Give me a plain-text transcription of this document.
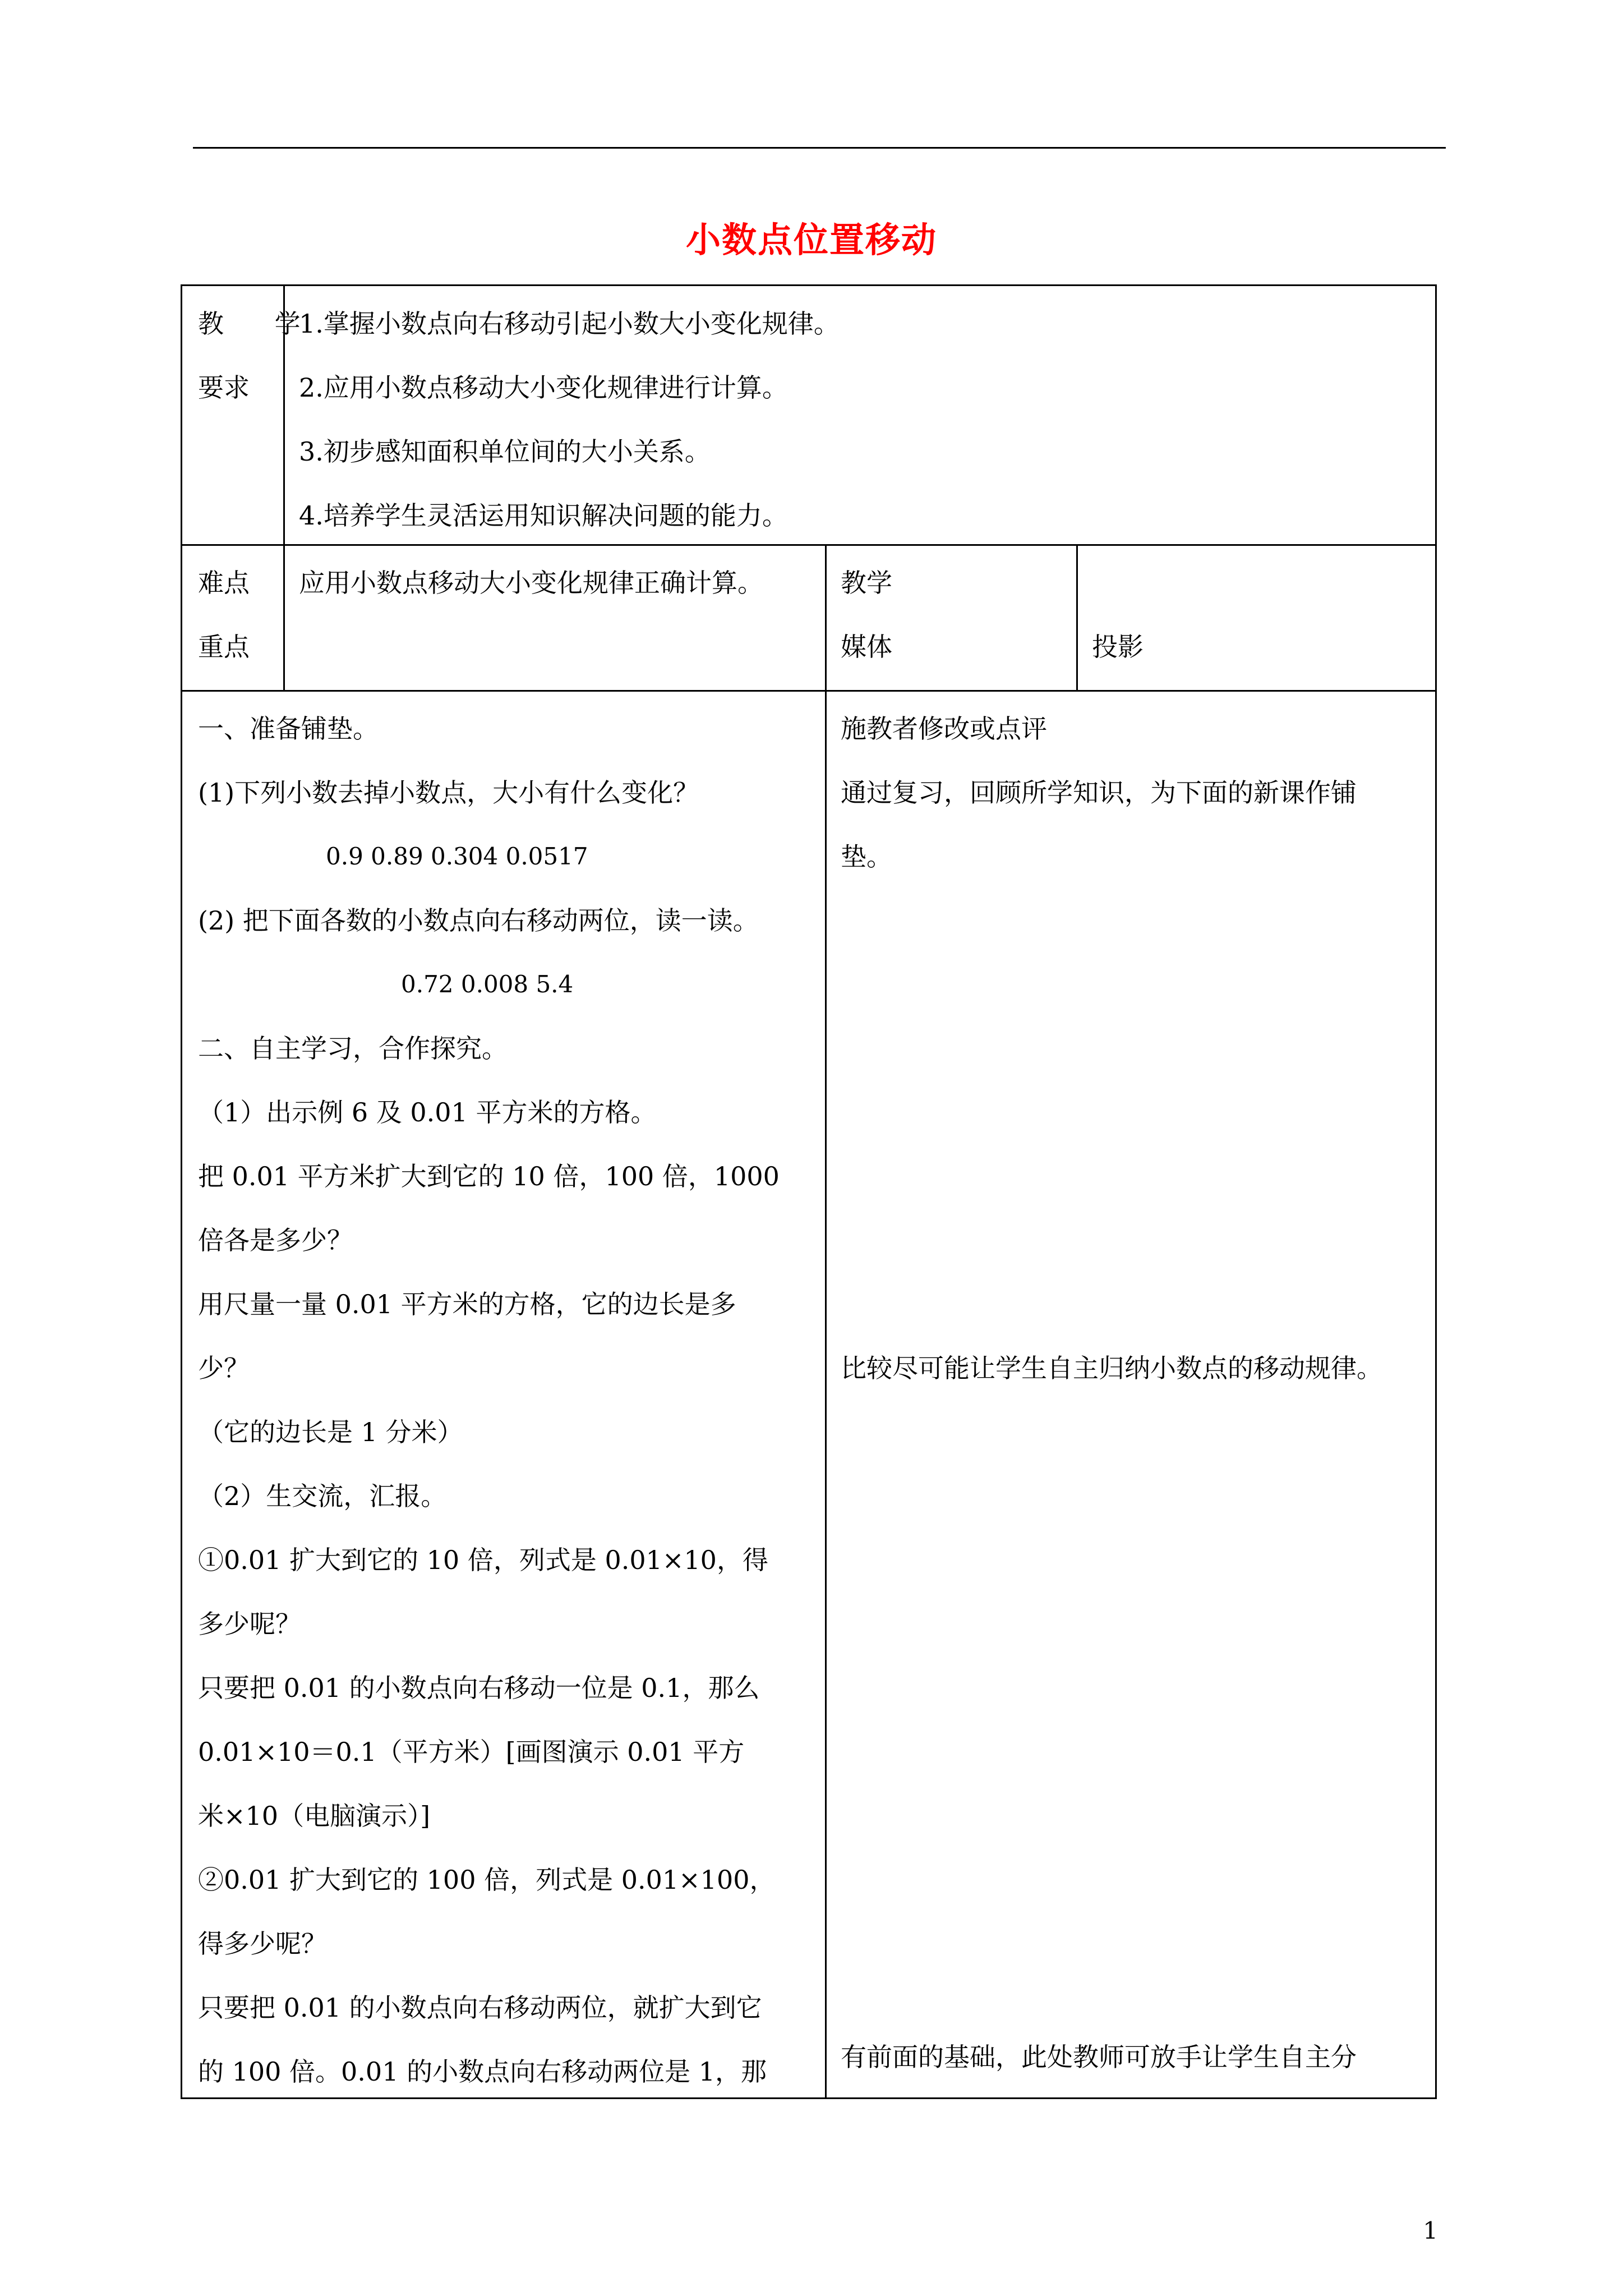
小数点位置移动
教 学
要求
1.掌握小数点向右移动引起小数大小变化规律。
2.应用小数点移动大小变化规律进行计算。
3.初步感知面积单位间的大小关系。
4.培养学生灵活运用知识解决问题的能力。
难点
重点
应用小数点移动大小变化规律正确计算。	教学
媒体	投影
一、准备铺垫。
(1)下列小数去掉小数点，大小有什么变化？
0.9 0.89 0.304 0.0517
(2) 把下面各数的小数点向右移动两位，读一读。
0.72 0.008 5.4
二、自主学习，合作探究。
（1）出示例 6 及 0.01 平方米的方格。
把 0.01 平方米扩大到它的 10 倍，100 倍，1000
倍各是多少？
用尺量一量 0.01 平方米的方格，它的边长是多
少？
（它的边长是 1 分米）
（2）生交流，汇报。
①0.01 扩大到它的 10 倍，列式是 0.01×10，得
多少呢？
只要把 0.01 的小数点向右移动一位是 0.1，那么
0.01×10＝0.1（平方米）[画图演示 0.01 平方
米×10（电脑演示）]
②0.01 扩大到它的 100 倍，列式是 0.01×100，
得多少呢？
只要把 0.01 的小数点向右移动两位，就扩大到它
的 100 倍。0.01 的小数点向右移动两位是 1，那
施教者修改或点评
通过复习，回顾所学知识，为下面的新课作铺
垫。
比较尽可能让学生自主归纳小数点的移动规律。
有前面的基础，此处教师可放手让学生自主分
1
